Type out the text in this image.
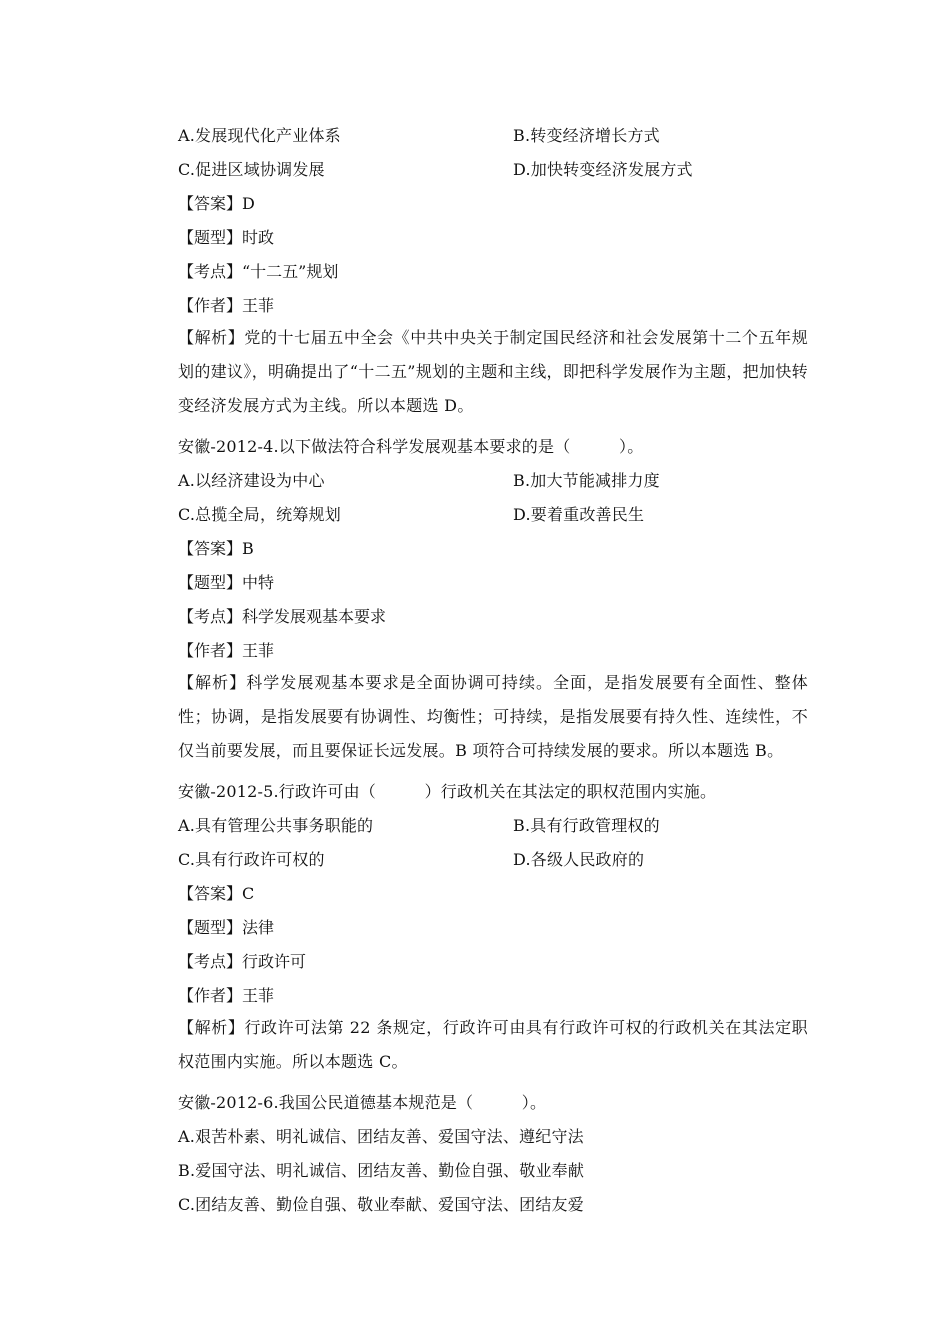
A.发展现代化产业体系	B.转变经济增长方式
C.促进区域协调发展	D.加快转变经济发展方式
【答案】D
【题型】时政
【考点】“十二五”规划
【作者】王菲
【解析】党的十七届五中全会《中共中央关于制定国民经济和社会发展第十二个五年规划的建议》，明确提出了“十二五”规划的主题和主线，即把科学发展作为主题，把加快转变经济发展方式为主线。所以本题选 D。
安徽-2012-4.以下做法符合科学发展观基本要求的是（　　　）。
A.以经济建设为中心	B.加大节能减排力度
C.总揽全局，统筹规划	D.要着重改善民生
【答案】B
【题型】中特
【考点】科学发展观基本要求
【作者】王菲
【解析】科学发展观基本要求是全面协调可持续。全面，是指发展要有全面性、整体性；协调，是指发展要有协调性、均衡性；可持续，是指发展要有持久性、连续性，不仅当前要发展，而且要保证长远发展。B 项符合可持续发展的要求。所以本题选 B。
安徽-2012-5.行政许可由（　　　）行政机关在其法定的职权范围内实施。
A.具有管理公共事务职能的	B.具有行政管理权的
C.具有行政许可权的	D.各级人民政府的
【答案】C
【题型】法律
【考点】行政许可
【作者】王菲
【解析】行政许可法第 22 条规定，行政许可由具有行政许可权的行政机关在其法定职权范围内实施。所以本题选 C。
安徽-2012-6.我国公民道德基本规范是（　　　）。
A.艰苦朴素、明礼诚信、团结友善、爱国守法、遵纪守法
B.爱国守法、明礼诚信、团结友善、勤俭自强、敬业奉献
C.团结友善、勤俭自强、敬业奉献、爱国守法、团结友爱
